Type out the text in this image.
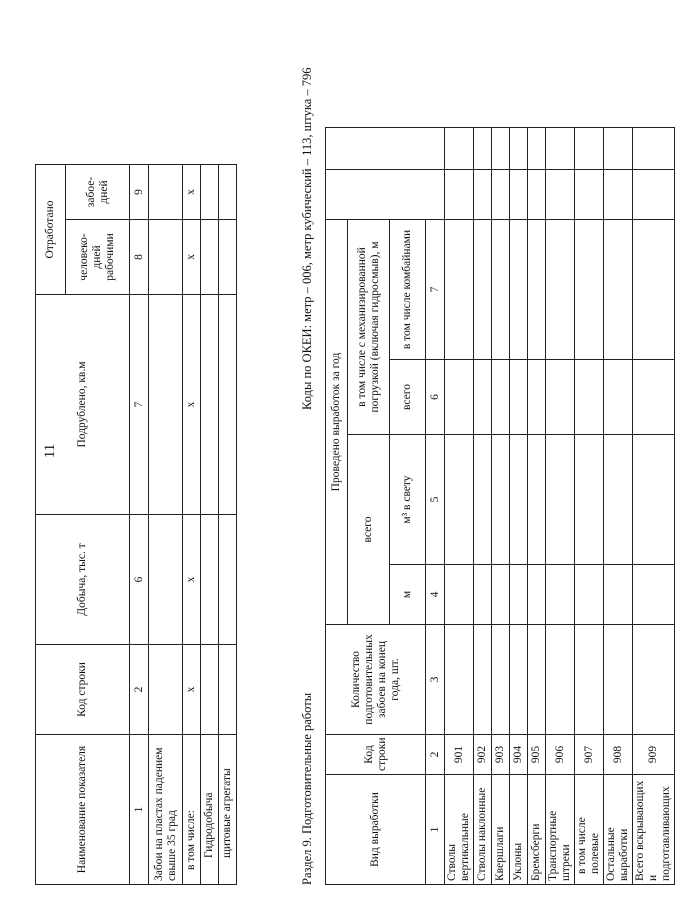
11
Наименование показателя	Код строки	Добыча, тыс. т	Подрублено, кв.м	Отработано	
				человеко-дней рабочими	забое-дней
1	2	6	7	8	9
Забои на пластах падением свыше 35 град					
в том числе:	x	x	x	x	x
Гидродобыча					
щитовые агрегаты						Раздел 9. Подготовительные работы
Коды по ОКЕИ: метр – 006, метр кубический – 113, штука – 796
Вид выработки	Код строки	Количество подготовительных забоев на конец года, шт.	Проведено выработок за год					
			всего		в том числе с механизированной погрузкой (включая гидросмыв), м			
			м	м³ в свету	всего	в том числе комбайнами		
1	2	3	4	5	6	7		
Стволы вертикальные	901							
Стволы наклонные	902							
Квершлаги	903							
Уклоны	904							
Бремсберги	905							
Транспортные штреки	906							
в том числе полевые	907							
Остальные выработки	908							
Всего вскрывающих и подготавливающих	909							
